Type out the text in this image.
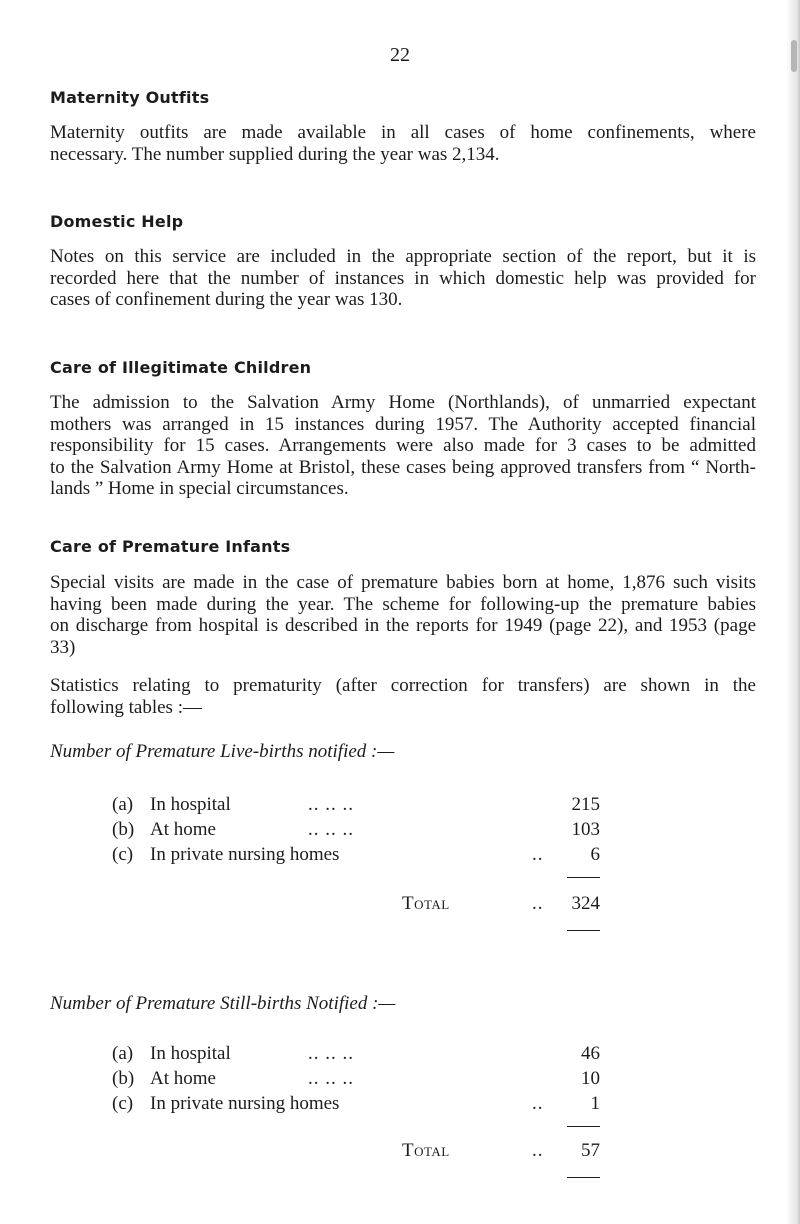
22
Maternity Outfits

Maternity outfits are made available in all cases of home confinements, where
necessary. The number supplied during the year was 2,134.

Domestic Help

Notes on this service are included in the appropriate section of the report, but it is
recorded here that the number of instances in which domestic help was provided for
cases of confinement during the year was 130.

Care of Illegitimate Children

The admission to the Salvation Army Home (Northlands), of unmarried expectant
mothers was arranged in 15 instances during 1957. The Authority accepted financial
responsibility for 15 cases. Arrangements were also made for 3 cases to be admitted
to the Salvation Army Home at Bristol, these cases being approved transfers from “ North-
lands ” Home in special circumstances.

Care of Premature Infants

Special visits are made in the case of premature babies born at home, 1,876 such visits
having been made during the year. The scheme for following-up the premature babies
on discharge from hospital is described in the reports for 1949 (page 22), and 1953 (page 33)

Statistics relating to prematurity (after correction for transfers) are shown in the
following tables :—

Number of Premature Live-births notified :—
(a) In hospital	.. .. ..	215
(b) At home	.. .. ..	103
(c) In private nursing homes	.. 6
Total	.. 324
Number of Premature Still-births Notified :—
(a) In hospital	.. .. ..	46
(b) At home	.. .. ..	10
(c) In private nursing homes	.. 1
Total	.. 57
